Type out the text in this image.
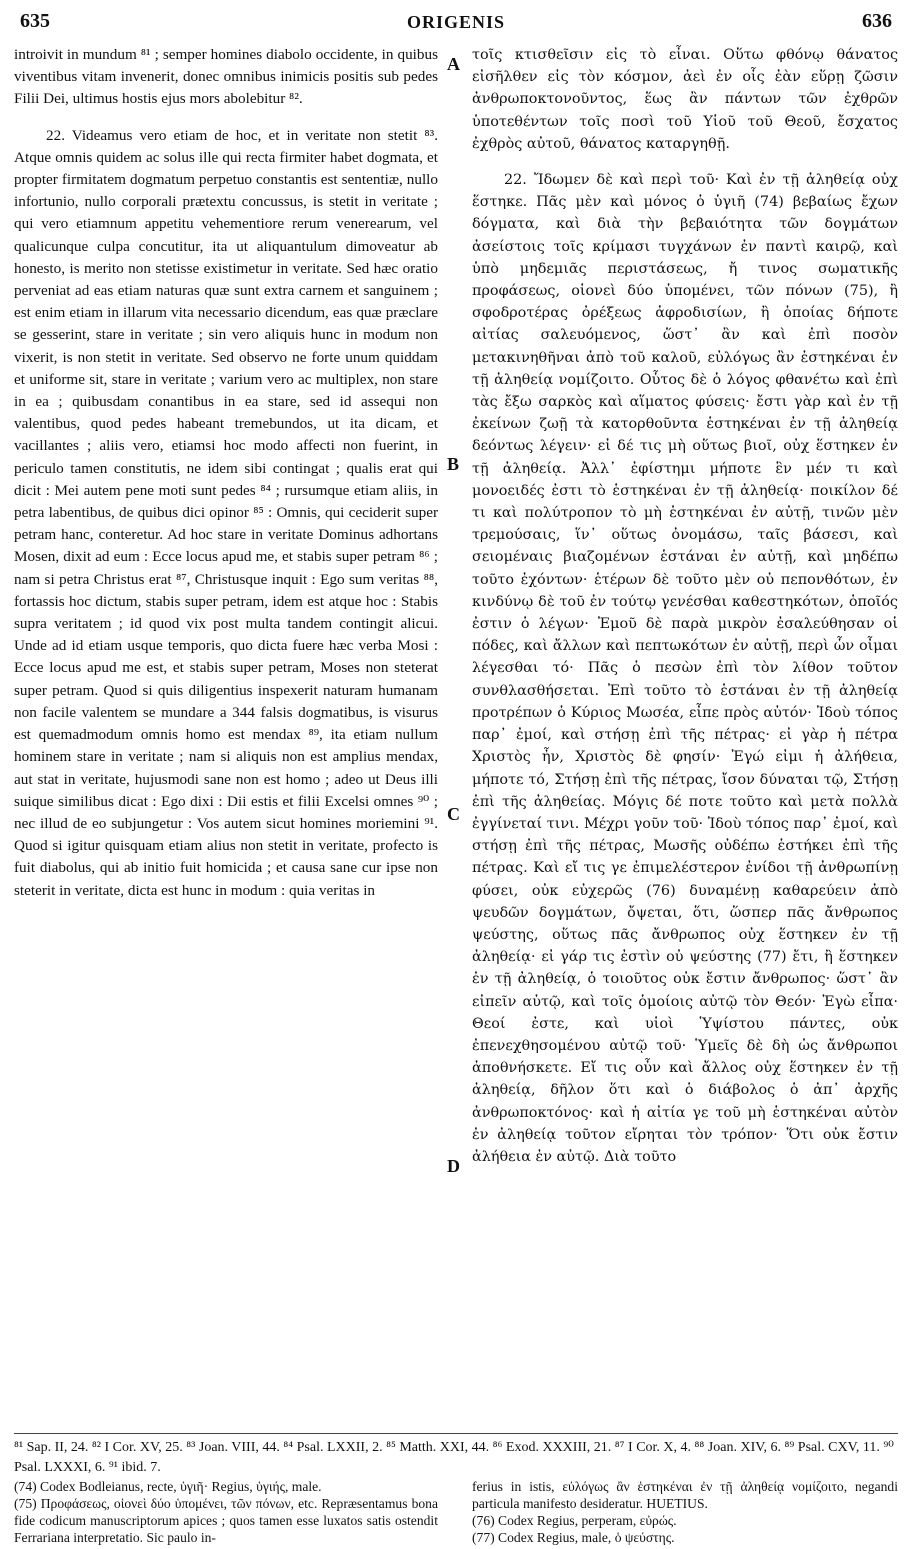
635	ORIGENIS	636

introivit in mundum ⁸¹ ; semper homines diabolo occidente, in quibus viventibus vitam invenerit, donec omnibus inimicis positis sub pedes Filii Dei, ultimus hostis ejus mors abolebitur ⁸².

22. Videamus vero etiam de hoc, et in veritate non stetit ⁸³. Atque omnis quidem ac solus ille qui recta firmiter habet dogmata, et propter firmitatem dogmatum perpetuo constantis est sententiæ, nullo infortunio, nullo corporali prætextu concussus, is stetit in veritate ; qui vero etiamnum appetitu vehementiore rerum venerearum, vel qualicunque culpa concutitur, ita ut aliquantulum dimoveatur ab honesto, is merito non stetisse existimetur in veritate. Sed hæc oratio perveniat ad eas etiam naturas quæ sunt extra carnem et sanguinem ; est enim etiam in illarum vita necessario dicendum, eas quæ præclare se gesserint, stare in veritate ; sin vero aliquis hunc in modum non vixerit, is non stetit in veritate. Sed observo ne forte unum quiddam et uniforme sit, stare in veritate ; varium vero ac multiplex, non stare in ea ; quibusdam conantibus in ea stare, sed id assequi non valentibus, quod pedes habeant tremebundos, ut ita dicam, et vacillantes ; aliis vero, etiamsi hoc modo affecti non fuerint, in periculo tamen constitutis, ne idem sibi contingat ; qualis erat qui dicit : Mei autem pene moti sunt pedes ⁸⁴ ; rursumque etiam aliis, in petra labentibus, de quibus dici opinor ⁸⁵ : Omnis, qui ceciderit super petram hanc, conteretur. Ad hoc stare in veritate Dominus adhortans Mosen, dixit ad eum : Ecce locus apud me, et stabis super petram ⁸⁶ ; nam si petra Christus erat ⁸⁷, Christusque inquit : Ego sum veritas ⁸⁸, fortassis hoc dictum, stabis super petram, idem est atque hoc : Stabis supra veritatem ; id quod vix post multa tandem contingit alicui. Unde ad id etiam usque temporis, quo dicta fuere hæc verba Mosi : Ecce locus apud me est, et stabis super petram, Moses non steterat super petram. Quod si quis diligentius inspexerit naturam humanam non facile valentem se mundare a 344 falsis dogmatibus, is visurus est quemadmodum omnis homo est mendax ⁸⁹, ita etiam nullum hominem stare in veritate ; nam si aliquis non est amplius mendax, aut stat in veritate, hujusmodi sane non est homo ; adeo ut Deus illi suique similibus dicat : Ego dixi : Dii estis et filii Excelsi omnes ⁹⁰ ; nec illud de eo subjungetur : Vos autem sicut homines moriemini ⁹¹. Quod si igitur quisquam etiam alius non stetit in veritate, profecto is fuit diabolus, qui ab initio fuit homicida ; et causa sane cur ipse non steterit in veritate, dicta est hunc in modum : quia veritas in

A
B
C
D

τοῖς κτισθεῖσιν εἰς τὸ εἶναι. Οὕτω φθόνῳ θάνατος εἰσῆλθεν εἰς τὸν κόσμον, ἀεὶ ἐν οἷς ἐὰν εὕρῃ ζῶσιν ἀνθρωποκτονοῦντος, ἕως ἂν πάντων τῶν ἐχθρῶν ὑποτεθέντων τοῖς ποσὶ τοῦ Υἱοῦ τοῦ Θεοῦ, ἔσχατος ἐχθρὸς αὐτοῦ, θάνατος καταργηθῇ.

22. Ἴδωμεν δὲ καὶ περὶ τοῦ· Καὶ ἐν τῇ ἀληθείᾳ οὐχ ἕστηκε. Πᾶς μὲν καὶ μόνος ὁ ὑγιῆ (74) βεβαίως ἔχων δόγματα, καὶ διὰ τὴν βεβαιότητα τῶν δογμάτων ἀσείστοις τοῖς κρίμασι τυγχάνων ἐν παντὶ καιρῷ, καὶ ὑπὸ μηδεμιᾶς περιστάσεως, ἤ τινος σωματικῆς προφάσεως, οἱονεὶ δύο ὑπομένει, τῶν πόνων (75), ἢ σφοδροτέρας ὀρέξεως ἀφροδισίων, ἢ ὁποίας δήποτε αἰτίας σαλευόμενος, ὥστ᾽ ἂν καὶ ἐπὶ ποσὸν μετακινηθῆναι ἀπὸ τοῦ καλοῦ, εὐλόγως ἂν ἑστηκέναι ἐν τῇ ἀληθείᾳ νομίζοιτο. Οὗτος δὲ ὁ λόγος φθανέτω καὶ ἐπὶ τὰς ἔξω σαρκὸς καὶ αἵματος φύσεις· ἔστι γὰρ καὶ ἐν τῇ ἐκείνων ζωῇ τὰ κατορθοῦντα ἑστηκέναι ἐν τῇ ἀληθείᾳ δεόντως λέγειν· εἰ δέ τις μὴ οὕτως βιοῖ, οὐχ ἕστηκεν ἐν τῇ ἀληθείᾳ. Ἀλλ᾽ ἐφίστημι μήποτε ἓν μέν τι καὶ μονοειδές ἐστι τὸ ἑστηκέναι ἐν τῇ ἀληθείᾳ· ποικίλον δέ τι καὶ πολύτροπον τὸ μὴ ἑστηκέναι ἐν αὐτῇ, τινῶν μὲν τρεμούσαις, ἵν᾽ οὕτως ὀνομάσω, ταῖς βάσεσι, καὶ σειομέναις βιαζομένων ἑστάναι ἐν αὐτῇ, καὶ μηδέπω τοῦτο ἐχόντων· ἑτέρων δὲ τοῦτο μὲν οὐ πεπονθότων, ἐν κινδύνῳ δὲ τοῦ ἐν τούτῳ γενέσθαι καθεστηκότων, ὁποῖός ἐστιν ὁ λέγων· Ἐμοῦ δὲ παρὰ μικρὸν ἐσαλεύθησαν οἱ πόδες, καὶ ἄλλων καὶ πεπτωκότων ἐν αὐτῇ, περὶ ὧν οἶμαι λέγεσθαι τό· Πᾶς ὁ πεσὼν ἐπὶ τὸν λίθον τοῦτον συνθλασθήσεται. Ἐπὶ τοῦτο τὸ ἑστάναι ἐν τῇ ἀληθείᾳ προτρέπων ὁ Κύριος Μωσέα, εἶπε πρὸς αὐτόν· Ἰδοὺ τόπος παρ᾽ ἐμοί, καὶ στήσῃ ἐπὶ τῆς πέτρας· εἰ γὰρ ἡ πέτρα Χριστὸς ἦν, Χριστὸς δὲ φησίν· Ἐγώ εἰμι ἡ ἀλήθεια, μήποτε τό, Στήσῃ ἐπὶ τῆς πέτρας, ἴσον δύναται τῷ, Στήσῃ ἐπὶ τῆς ἀληθείας. Μόγις δέ ποτε τοῦτο καὶ μετὰ πολλὰ ἐγγίνεταί τινι. Μέχρι γοῦν τοῦ· Ἰδοὺ τόπος παρ᾽ ἐμοί, καὶ στήσῃ ἐπὶ τῆς πέτρας, Μωσῆς οὐδέπω ἑστήκει ἐπὶ τῆς πέτρας. Καὶ εἴ τις γε ἐπιμελέστερον ἐνίδοι τῇ ἀνθρωπίνῃ φύσει, οὐκ εὐχερῶς (76) δυναμένῃ καθαρεύειν ἀπὸ ψευδῶν δογμάτων, ὄψεται, ὅτι, ὥσπερ πᾶς ἄνθρωπος ψεύστης, οὕτως πᾶς ἄνθρωπος οὐχ ἕστηκεν ἐν τῇ ἀληθείᾳ· εἰ γάρ τις ἐστὶν οὐ ψεύστης (77) ἔτι, ἢ ἕστηκεν ἐν τῇ ἀληθείᾳ, ὁ τοιοῦτος οὐκ ἔστιν ἄνθρωπος· ὥστ᾽ ἂν εἰπεῖν αὐτῷ, καὶ τοῖς ὁμοίοις αὐτῷ τὸν Θεόν· Ἐγὼ εἶπα· Θεοί ἐστε, καὶ υἱοὶ Ὑψίστου πάντες, οὐκ ἐπενεχθησομένου αὐτῷ τοῦ· Ὑμεῖς δὲ δὴ ὡς ἄνθρωποι ἀποθνήσκετε. Εἴ τις οὖν καὶ ἄλλος οὐχ ἕστηκεν ἐν τῇ ἀληθείᾳ, δῆλον ὅτι καὶ ὁ διάβολος ὁ ἀπ᾽ ἀρχῆς ἀνθρωποκτόνος· καὶ ἡ αἰτία γε τοῦ μὴ ἑστηκέναι αὐτὸν ἐν ἀληθείᾳ τοῦτον εἴρηται τὸν τρόπον· Ὅτι οὐκ ἔστιν ἀλήθεια ἐν αὐτῷ. Διὰ τοῦτο

⁸¹ Sap. II, 24. ⁸² I Cor. XV, 25. ⁸³ Joan. VIII, 44. ⁸⁴ Psal. LXXII, 2. ⁸⁵ Matth. XXI, 44. ⁸⁶ Exod. XXXIII, 21. ⁸⁷ I Cor. X, 4. ⁸⁸ Joan. XIV, 6. ⁸⁹ Psal. CXV, 11. ⁹⁰ Psal. LXXXI, 6. ⁹¹ ibid. 7.

(74) Codex Bodleianus, recte, ὑγιῆ· Regius, ὑγιής, male.

(75) Προφάσεως, οἱονεὶ δύο ὑπομένει, τῶν πόνων, etc. Repræsentamus bona fide codicum manuscriptorum apices ; quos tamen esse luxatos satis ostendit Ferrariana interpretatio. Sic paulo in-

ferius in istis, εὐλόγως ἂν ἑστηκέναι ἐν τῇ ἀληθείᾳ νομίζοιτο, negandi particula manifesto desideratur. HUETIUS.

(76) Codex Regius, perperam, εὐρώς.

(77) Codex Regius, male, ὁ ψεύστης.
